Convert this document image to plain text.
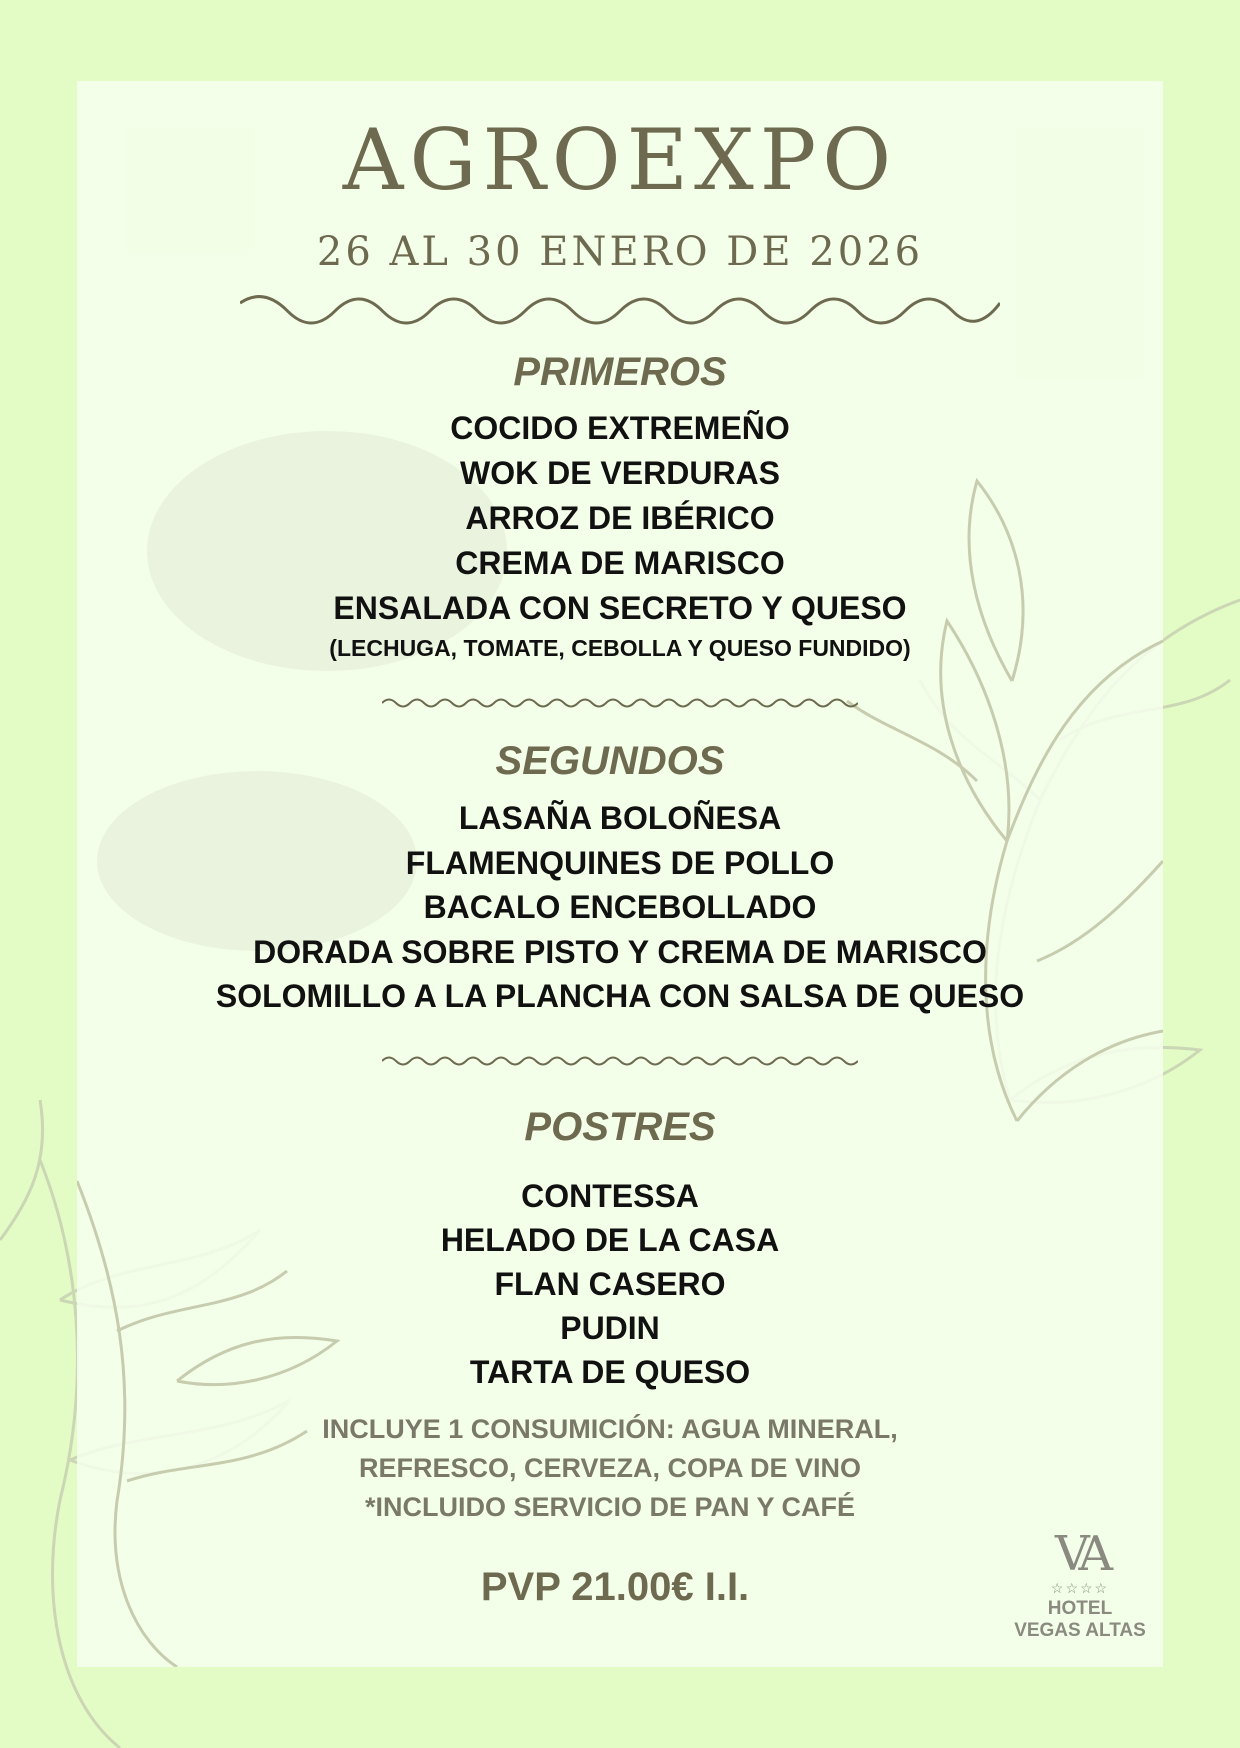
AGROEXPO
26 AL 30 ENERO DE 2026
PRIMEROS
COCIDO EXTREMEÑO
WOK DE VERDURAS
ARROZ DE IBÉRICO
CREMA DE MARISCO
ENSALADA CON SECRETO Y QUESO
(LECHUGA, TOMATE, CEBOLLA Y QUESO FUNDIDO)
SEGUNDOS
LASAÑA BOLOÑESA
FLAMENQUINES DE POLLO
BACALO ENCEBOLLADO
DORADA SOBRE PISTO Y CREMA DE MARISCO
SOLOMILLO A LA PLANCHA CON SALSA DE QUESO
POSTRES
CONTESSA
HELADO DE LA CASA
FLAN CASERO
PUDIN
TARTA DE QUESO
INCLUYE 1 CONSUMICIÓN: AGUA MINERAL,
REFRESCO, CERVEZA, COPA DE VINO
*INCLUIDO SERVICIO DE PAN Y CAFÉ
PVP 21.00€ I.I.
VA
☆☆☆☆
HOTEL
VEGAS ALTAS
